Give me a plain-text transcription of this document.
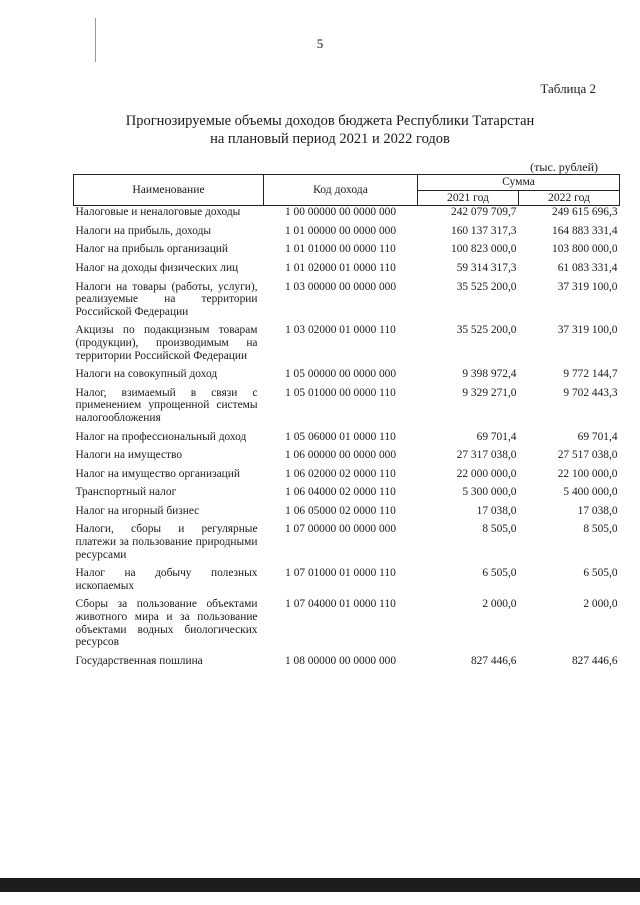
5
Таблица 2
Прогнозируемые объемы доходов бюджета Республики Татарстан
на плановый период 2021 и 2022 годов
(тыс. рублей)
Наименование	Код дохода	Сумма	
		2021 год	2022 год
Налоговые и неналоговые доходы	1 00 00000 00 0000 000	242 079 709,7	249 615 696,3
Налоги на прибыль, доходы	1 01 00000 00 0000 000	160 137 317,3	164 883 331,4
Налог на прибыль организаций	1 01 01000 00 0000 110	100 823 000,0	103 800 000,0
Налог на доходы физических лиц	1 01 02000 01 0000 110	59 314 317,3	61 083 331,4
Налоги на товары (работы, услуги), реализуемые на территории Российской Федерации	1 03 00000 00 0000 000	35 525 200,0	37 319 100,0
Акцизы по подакцизным товарам (продукции), производимым на территории Российской Федерации	1 03 02000 01 0000 110	35 525 200,0	37 319 100,0
Налоги на совокупный доход	1 05 00000 00 0000 000	9 398 972,4	9 772 144,7
Налог, взимаемый в связи с применением упрощенной системы налогообложения	1 05 01000 00 0000 110	9 329 271,0	9 702 443,3
Налог на профессиональный доход	1 05 06000 01 0000 110	69 701,4	69 701,4
Налоги на имущество	1 06 00000 00 0000 000	27 317 038,0	27 517 038,0
Налог на имущество организаций	1 06 02000 02 0000 110	22 000 000,0	22 100 000,0
Транспортный налог	1 06 04000 02 0000 110	5 300 000,0	5 400 000,0
Налог на игорный бизнес	1 06 05000 02 0000 110	17 038,0	17 038,0
Налоги, сборы и регулярные платежи за пользование природными ресурсами	1 07 00000 00 0000 000	8 505,0	8 505,0
Налог на добычу полезных ископаемых	1 07 01000 01 0000 110	6 505,0	6 505,0
Сборы за пользование объектами животного мира и за пользование объектами водных биологических ресурсов	1 07 04000 01 0000 110	2 000,0	2 000,0
Государственная пошлина	1 08 00000 00 0000 000	827 446,6	827 446,6
